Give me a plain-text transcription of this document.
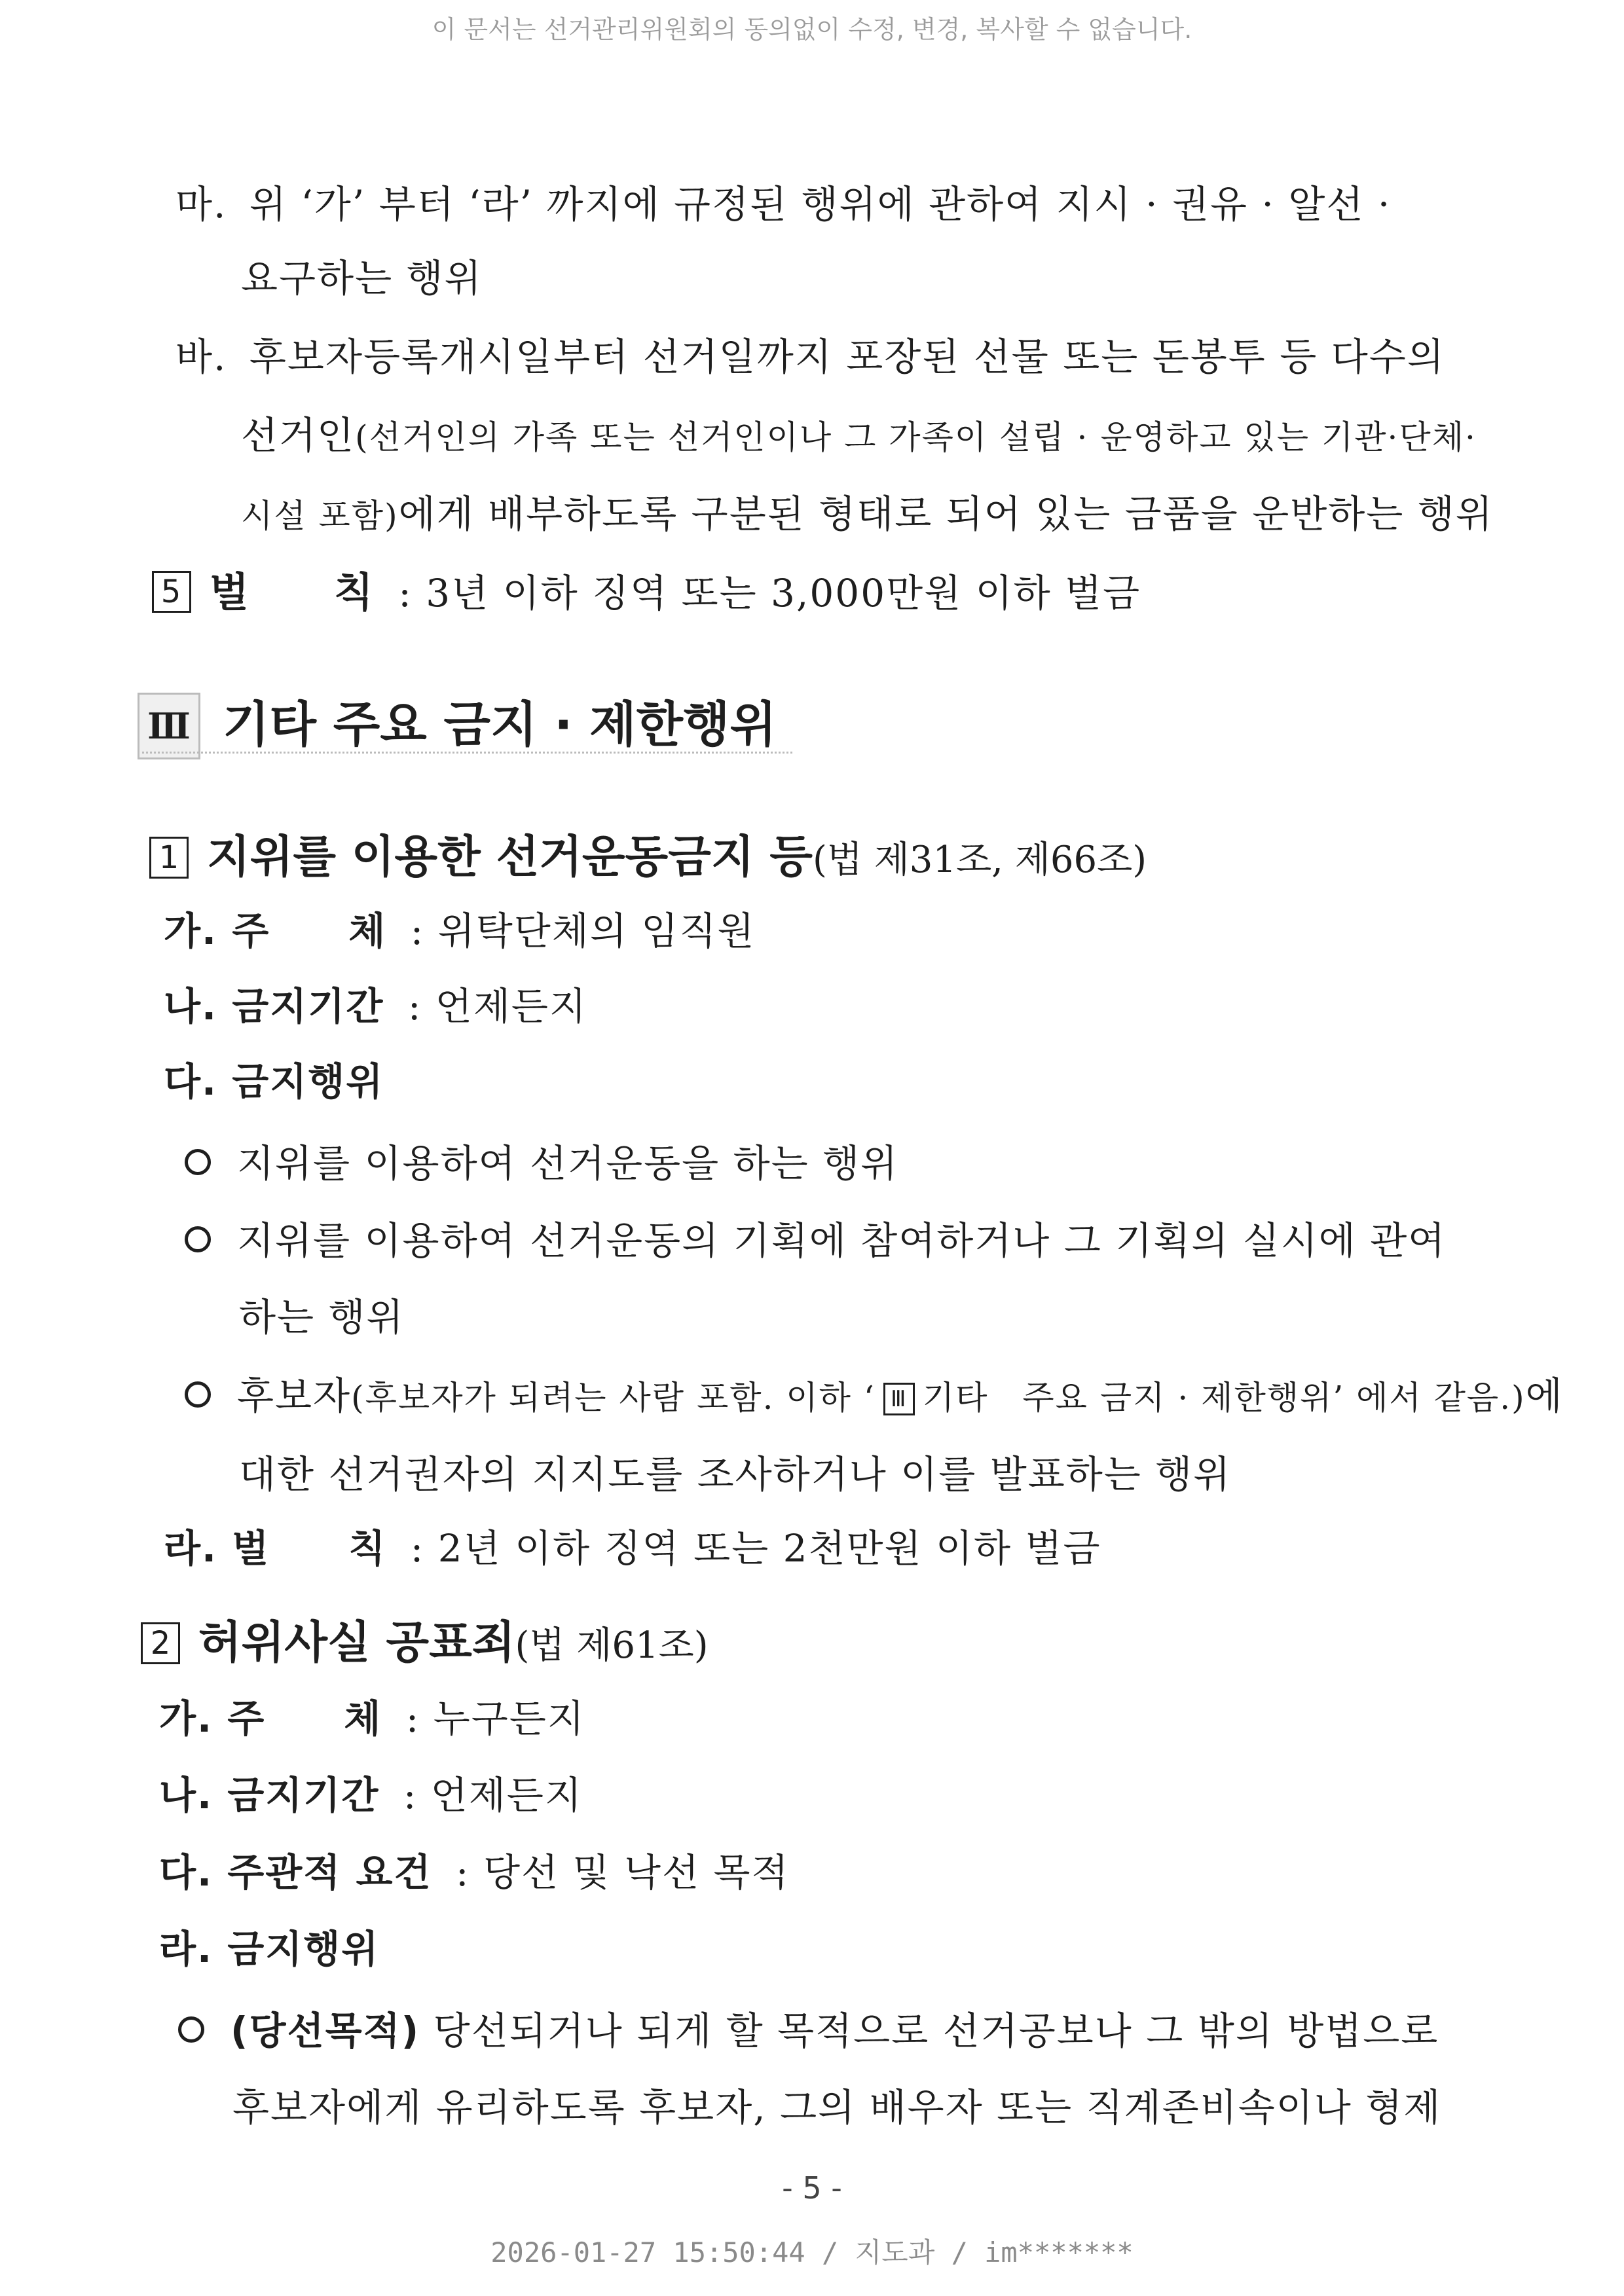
이 문서는 선거관리위원회의 동의없이 수정, 변경, 복사할 수 없습니다.
마. 위 ‘가’ 부터 ‘라’ 까지에 규정된 행위에 관하여 지시 · 권유 · 알선 ·
요구하는 행위
바. 후보자등록개시일부터 선거일까지 포장된 선물 또는 돈봉투 등 다수의
선거인(선거인의 가족 또는 선거인이나 그 가족이 설립 · 운영하고 있는 기관·단체·
시설 포함)에게 배부하도록 구분된 형태로 되어 있는 금품을 운반하는 행위
5 벌　　칙 : 3년 이하 징역 또는 3,000만원 이하 벌금
Ⅲ 기타 주요 금지 · 제한행위
1 지위를 이용한 선거운동금지 등(법 제31조, 제66조)
가. 주　　체 : 위탁단체의 임직원
나. 금지기간 : 언제든지
다. 금지행위
지위를 이용하여 선거운동을 하는 행위
지위를 이용하여 선거운동의 기획에 참여하거나 그 기획의 실시에 관여
하는 행위
후보자(후보자가 되려는 사람 포함. 이하 ‘ Ⅲ 기타　주요 금지 · 제한행위’ 에서 같음.)에
대한 선거권자의 지지도를 조사하거나 이를 발표하는 행위
라. 벌　　칙 : 2년 이하 징역 또는 2천만원 이하 벌금
2 허위사실 공표죄(법 제61조)
가. 주　　체 : 누구든지
나. 금지기간 : 언제든지
다. 주관적 요건 : 당선 및 낙선 목적
라. 금지행위
(당선목적) 당선되거나 되게 할 목적으로 선거공보나 그 밖의 방법으로
후보자에게 유리하도록 후보자, 그의 배우자 또는 직계존비속이나 형제
- 5 -
2026-01-27 15:50:44 / 지도과 / im*******
